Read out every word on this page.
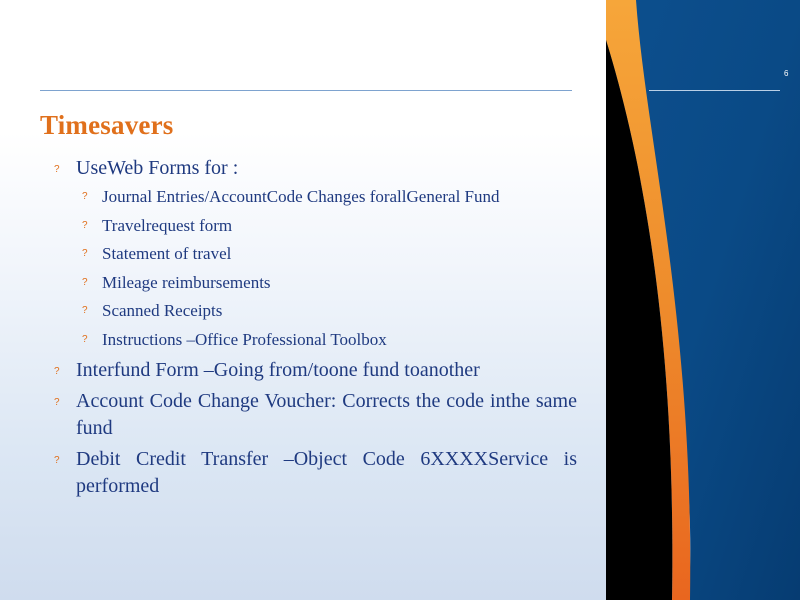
6
Timesavers
? UseWeb Forms for :
? Journal Entries/AccountCode Changes forallGeneral Fund
? Travelrequest form
? Statement of travel
? Mileage reimbursements
? Scanned Receipts
? Instructions –Office Professional Toolbox
? Interfund Form –Going from/toone fund toanother
? Account Code Change Voucher: Corrects the code inthe same fund
? Debit Credit Transfer –Object Code 6XXXXService is performed
